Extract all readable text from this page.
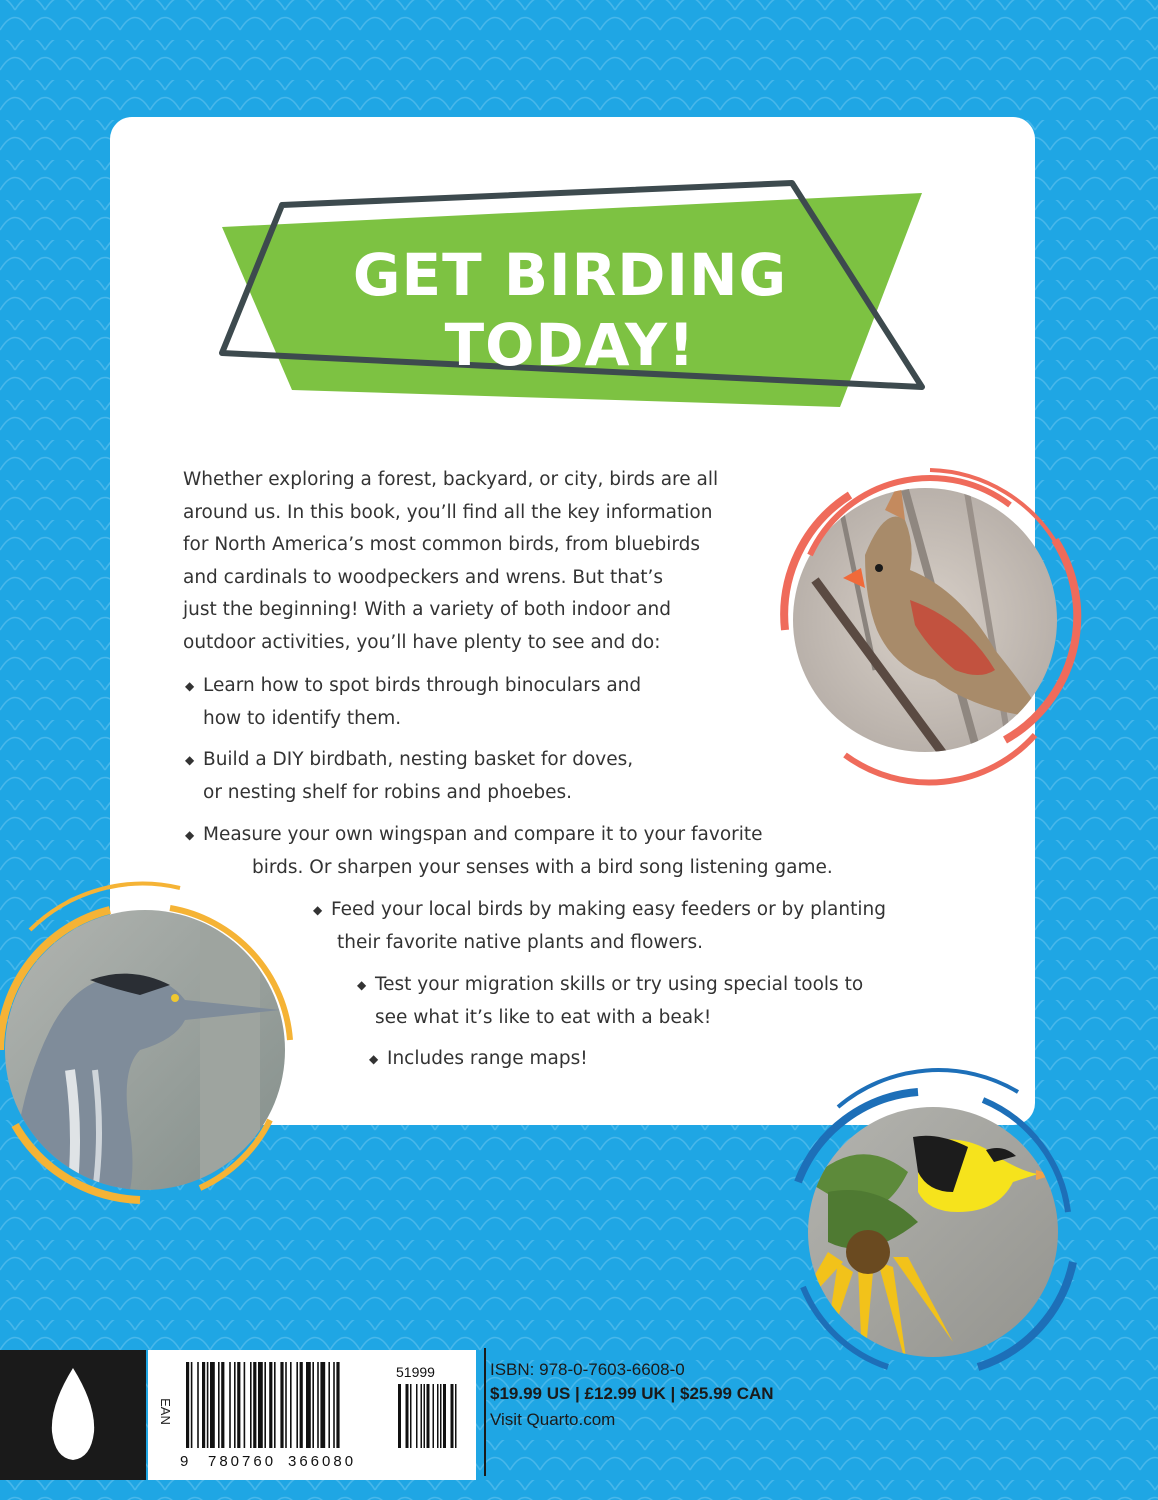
GET BIRDING
TODAY!
Whether exploring a forest, backyard, or city, birds are all
around us. In this book, you’ll find all the key information
for North America’s most common birds, from bluebirds
and cardinals to woodpeckers and wrens. But that’s
just the beginning! With a variety of both indoor and
outdoor activities, you’ll have plenty to see and do:
◆ Learn how to spot birds through binoculars and
how to identify them.
◆ Build a DIY birdbath, nesting basket for doves,
or nesting shelf for robins and phoebes.
◆ Measure your own wingspan and compare it to your favorite
birds. Or sharpen your senses with a bird song listening game.
◆ Feed your local birds by making easy feeders or by planting
their favorite native plants and flowers.
◆ Test your migration skills or try using special tools to
see what it’s like to eat with a beak!
◆ Includes range maps!
EAN
51999
9 780760 366080
ISBN: 978-0-7603-6608-0
$19.99 US | £12.99 UK | $25.99 CAN
Visit Quarto.com
